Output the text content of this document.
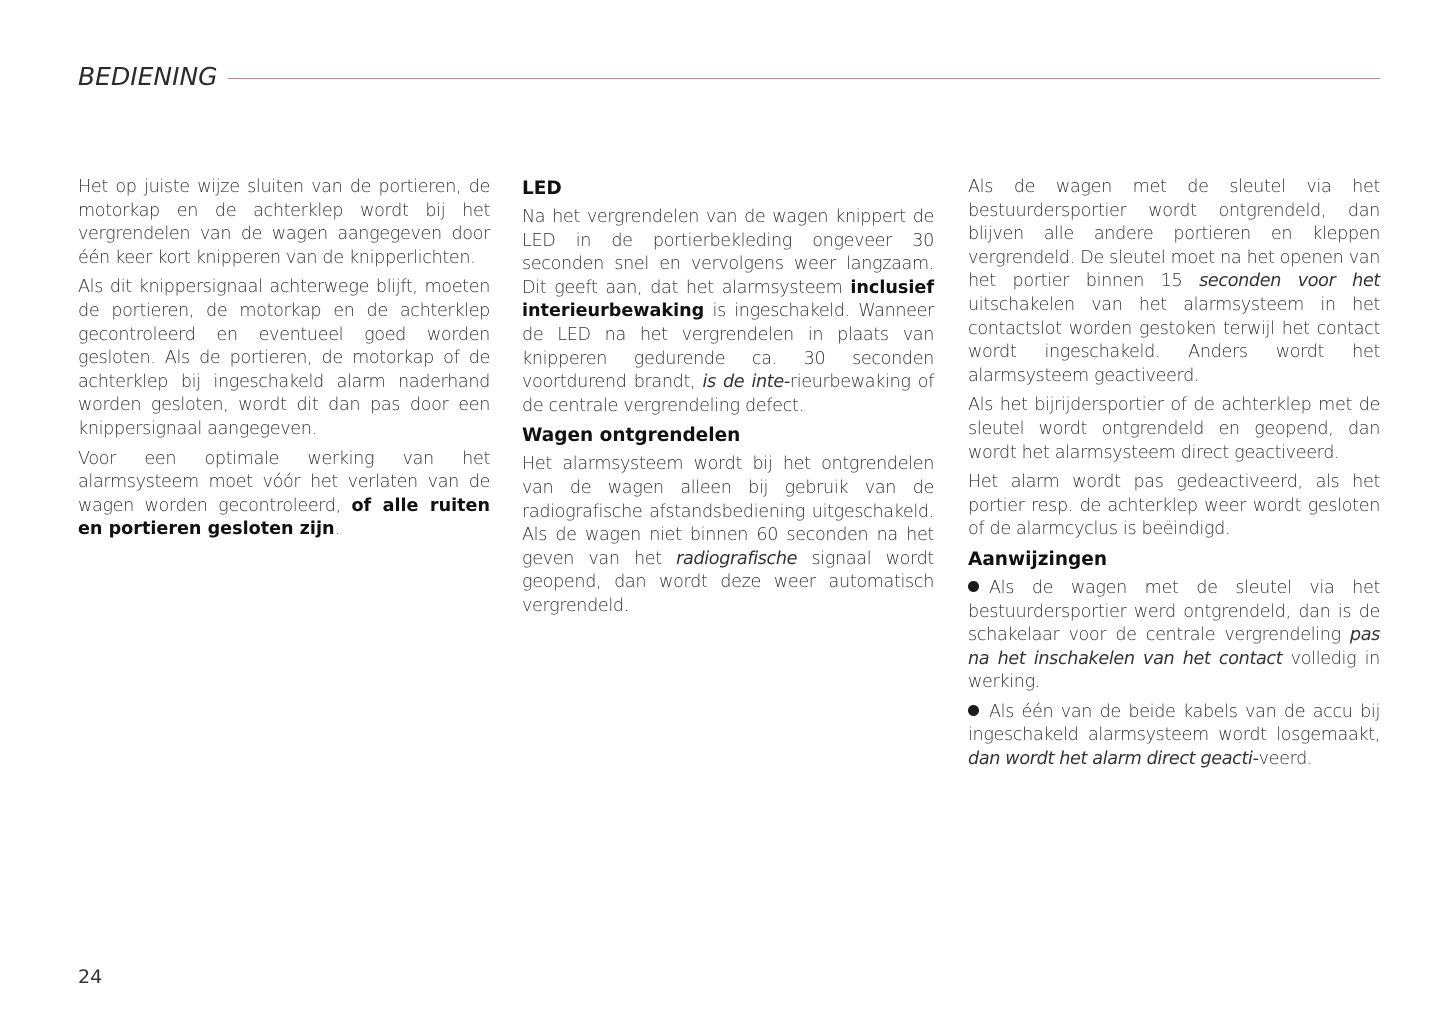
BEDIENING

Het op juiste wijze sluiten van de portieren, de motorkap en de achterklep wordt bij het vergrendelen van de wagen aangegeven door één keer kort knipperen van de knipperlichten.

Als dit knippersignaal achterwege blijft, moeten de portieren, de motorkap en de achterklep gecontroleerd en eventueel goed worden gesloten. Als de portieren, de motorkap of de achterklep bij ingeschakeld alarm naderhand worden gesloten, wordt dit dan pas door een knippersignaal aangegeven.

Voor een optimale werking van het alarmsysteem moet vóór het verlaten van de wagen worden gecontroleerd, of alle ruiten en portieren gesloten zijn.

LED

Na het vergrendelen van de wagen knippert de LED in de portierbekleding ongeveer 30 seconden snel en vervolgens weer langzaam. Dit geeft aan, dat het alarmsysteem inclusief interieurbewaking is ingeschakeld. Wanneer de LED na het vergrendelen in plaats van knipperen gedurende ca. 30 seconden voortdurend brandt, is de inte-rieurbewaking of de centrale vergrendeling defect.

Wagen ontgrendelen

Het alarmsysteem wordt bij het ontgrendelen van de wagen alleen bij gebruik van de radiografische afstandsbediening uitgeschakeld. Als de wagen niet binnen 60 seconden na het geven van het radiografische signaal wordt geopend, dan wordt deze weer automatisch vergrendeld.

Als de wagen met de sleutel via het bestuurdersportier wordt ontgrendeld, dan blijven alle andere portieren en kleppen vergrendeld. De sleutel moet na het openen van het portier binnen 15 seconden voor het uitschakelen van het alarmsysteem in het contactslot worden gestoken terwijl het contact wordt ingeschakeld. Anders wordt het alarmsysteem geactiveerd.

Als het bijrijdersportier of de achterklep met de sleutel wordt ontgrendeld en geopend, dan wordt het alarmsysteem direct geactiveerd.

Het alarm wordt pas gedeactiveerd, als het portier resp. de achterklep weer wordt gesloten of de alarmcyclus is beëindigd.

Aanwijzingen

Als de wagen met de sleutel via het bestuurdersportier werd ontgrendeld, dan is de schakelaar voor de centrale vergrendeling pas na het inschakelen van het contact volledig in werking.

Als één van de beide kabels van de accu bij ingeschakeld alarmsysteem wordt losgemaakt, dan wordt het alarm direct geacti-veerd.

24
